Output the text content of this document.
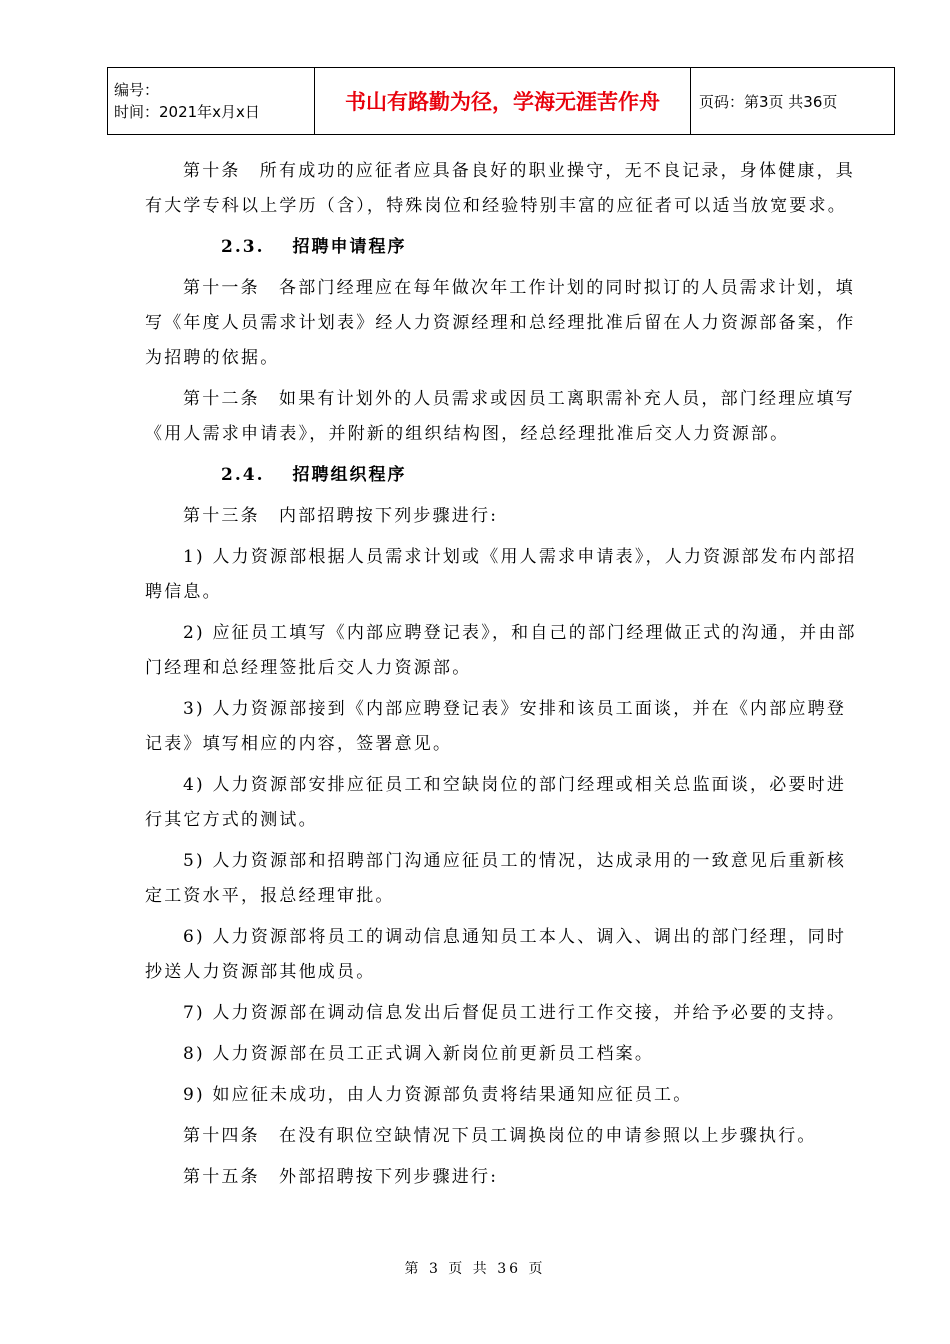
编号：
时间：2021年x月x日	书山有路勤为径，学海无涯苦作舟	页码：第3页 共36页

第十条　所有成功的应征者应具备良好的职业操守，无不良记录，身体健康，具有大学专科以上学历（含），特殊岗位和经验特别丰富的应征者可以适当放宽要求。

2.3. 招聘申请程序

第十一条　各部门经理应在每年做次年工作计划的同时拟订的人员需求计划，填写《年度人员需求计划表》经人力资源经理和总经理批准后留在人力资源部备案，作为招聘的依据。

第十二条　如果有计划外的人员需求或因员工离职需补充人员，部门经理应填写《用人需求申请表》，并附新的组织结构图，经总经理批准后交人力资源部。

2.4. 招聘组织程序

第十三条　内部招聘按下列步骤进行:

1) 人力资源部根据人员需求计划或《用人需求申请表》，人力资源部发布内部招聘信息。

2) 应征员工填写《内部应聘登记表》，和自己的部门经理做正式的沟通，并由部门经理和总经理签批后交人力资源部。

3) 人力资源部接到《内部应聘登记表》安排和该员工面谈，并在《内部应聘登记表》填写相应的内容，签署意见。

4) 人力资源部安排应征员工和空缺岗位的部门经理或相关总监面谈，必要时进行其它方式的测试。

5) 人力资源部和招聘部门沟通应征员工的情况，达成录用的一致意见后重新核定工资水平，报总经理审批。

6) 人力资源部将员工的调动信息通知员工本人、调入、调出的部门经理，同时抄送人力资源部其他成员。

7) 人力资源部在调动信息发出后督促员工进行工作交接，并给予必要的支持。

8) 人力资源部在员工正式调入新岗位前更新员工档案。

9) 如应征未成功，由人力资源部负责将结果通知应征员工。

第十四条　在没有职位空缺情况下员工调换岗位的申请参照以上步骤执行。

第十五条　外部招聘按下列步骤进行:

第 3 页 共 36 页
